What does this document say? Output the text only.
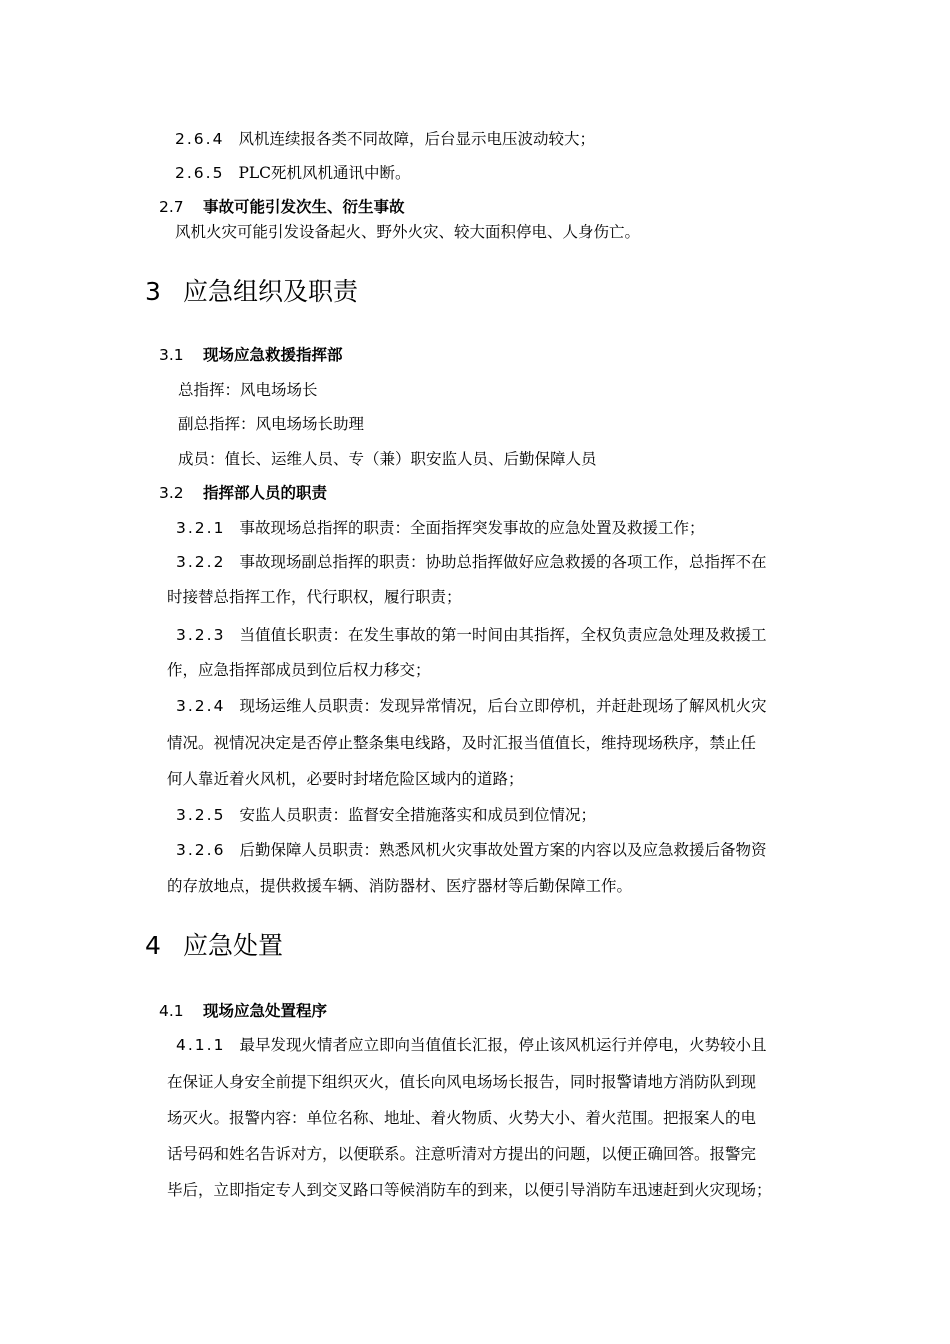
2.6.4 风机连续报各类不同故障，后台显示电压波动较大；
2.6.5 PLC死机风机通讯中断。
2.7 事故可能引发次生、衍生事故
风机火灾可能引发设备起火、野外火灾、较大面积停电、人身伤亡。
3 应急组织及职责
3.1 现场应急救援指挥部
总指挥：风电场场长
副总指挥：风电场场长助理
成员：值长、运维人员、专（兼）职安监人员、后勤保障人员
3.2 指挥部人员的职责
3.2.1 事故现场总指挥的职责：全面指挥突发事故的应急处置及救援工作；
3.2.2 事故现场副总指挥的职责：协助总指挥做好应急救援的各项工作，总指挥不在
时接替总指挥工作，代行职权，履行职责；
3.2.3 当值值长职责：在发生事故的第一时间由其指挥，全权负责应急处理及救援工
作，应急指挥部成员到位后权力移交；
3.2.4 现场运维人员职责：发现异常情况，后台立即停机，并赶赴现场了解风机火灾
情况。视情况决定是否停止整条集电线路，及时汇报当值值长，维持现场秩序，禁止任
何人靠近着火风机，必要时封堵危险区域内的道路；
3.2.5 安监人员职责：监督安全措施落实和成员到位情况；
3.2.6 后勤保障人员职责：熟悉风机火灾事故处置方案的内容以及应急救援后备物资
的存放地点，提供救援车辆、消防器材、医疗器材等后勤保障工作。
4 应急处置
4.1 现场应急处置程序
4.1.1 最早发现火情者应立即向当值值长汇报，停止该风机运行并停电，火势较小且
在保证人身安全前提下组织灭火，值长向风电场场长报告，同时报警请地方消防队到现
场灭火。报警内容：单位名称、地址、着火物质、火势大小、着火范围。把报案人的电
话号码和姓名告诉对方，以便联系。注意听清对方提出的问题，以便正确回答。报警完
毕后，立即指定专人到交叉路口等候消防车的到来，以便引导消防车迅速赶到火灾现场；
